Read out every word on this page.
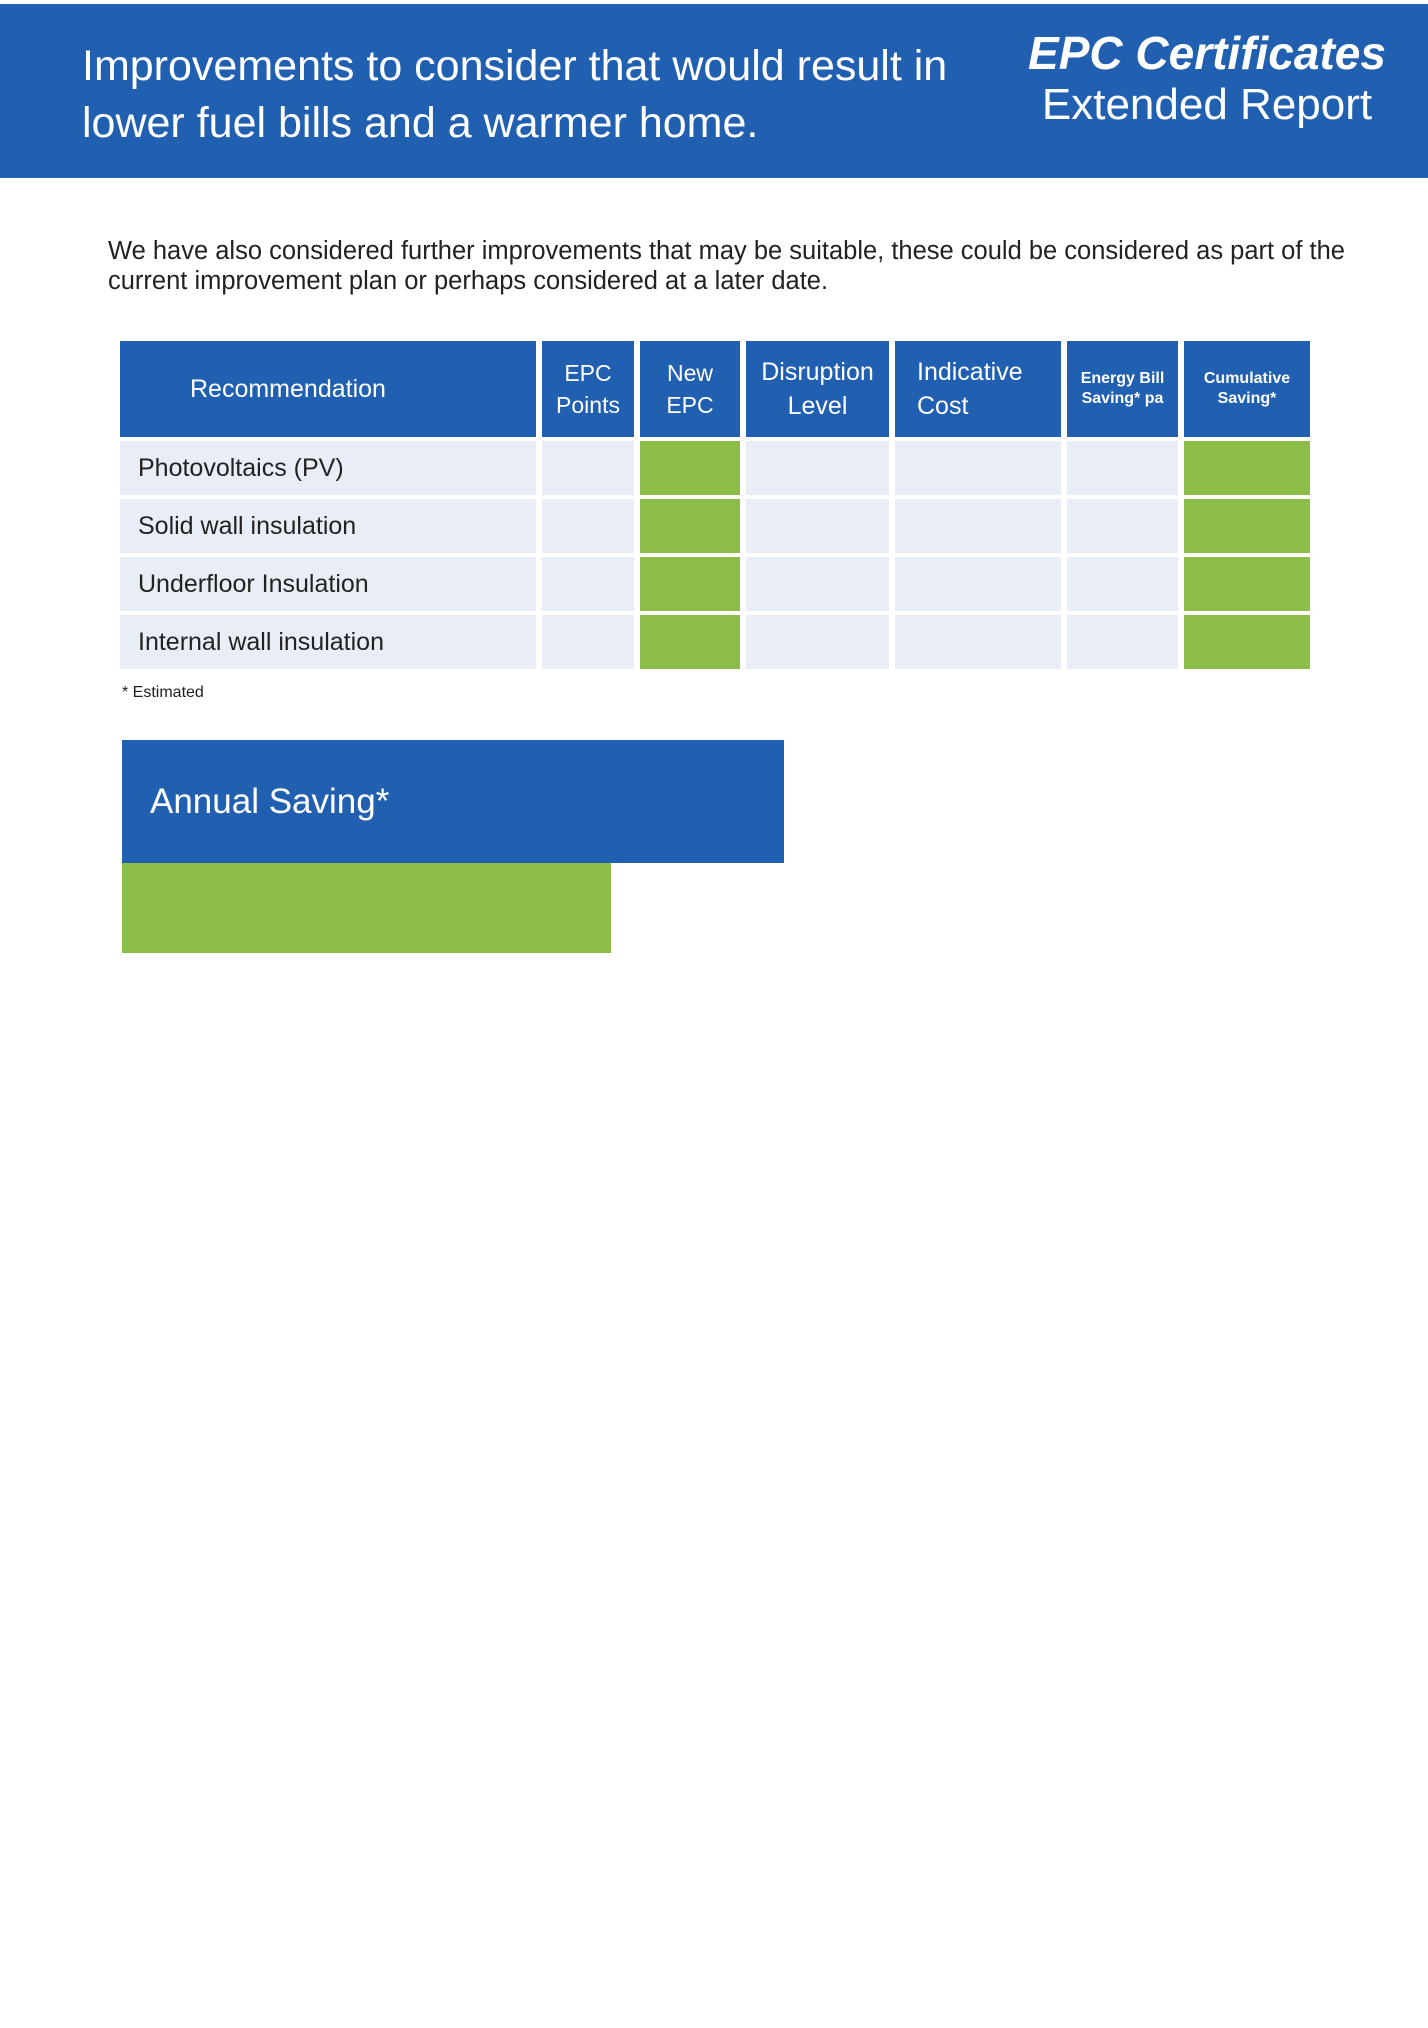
Improvements to consider that would result in lower fuel bills and a warmer home.
EPC Certificates
Extended Report

We have also considered further improvements that may be suitable, these could be considered as part of the current improvement plan or perhaps considered at a later date.

Recommendation	EPC Points	New EPC	Disruption Level	Indicative Cost	Energy Bill Saving* pa	Cumulative Saving*
Photovoltaics (PV)						
Solid wall insulation						
Underfloor Insulation						
Internal wall insulation						

* Estimated

Annual Saving*
